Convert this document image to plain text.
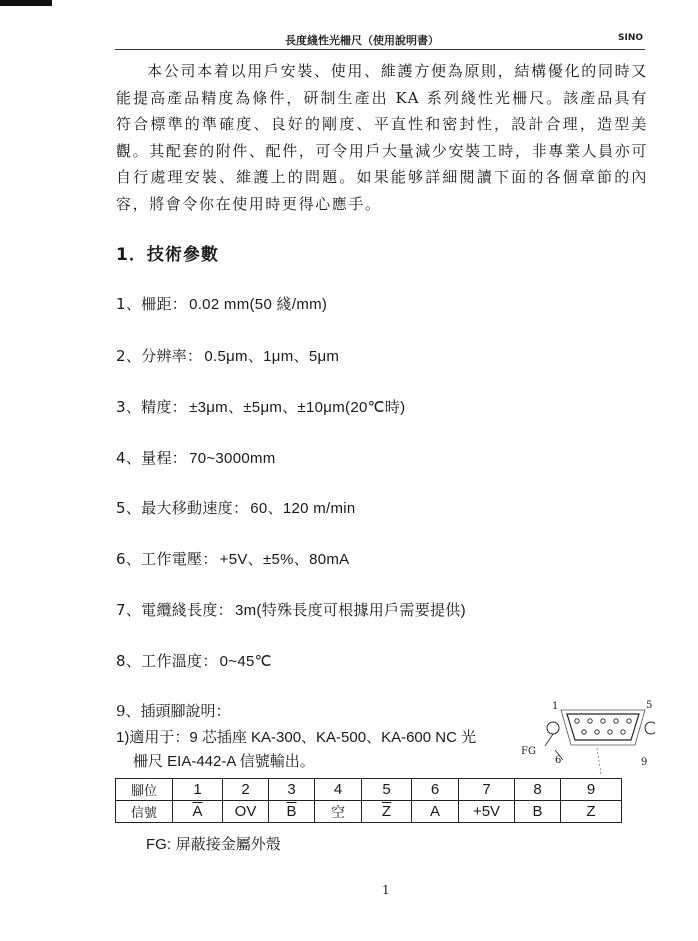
長度綫性光柵尺（使用說明書）	SINO

本公司本着以用戶安裝、使用、維護方便為原則，結構優化的同時又能提高產品精度為條件，研制生產出 KA 系列綫性光柵尺。該產品具有符合標準的準確度、良好的剛度、平直性和密封性，設計合理，造型美觀。其配套的附件、配件，可令用戶大量減少安裝工時，非專業人員亦可自行處理安裝、維護上的問題。如果能够詳細閱讀下面的各個章節的內容，將會令你在使用時更得心應手。

1．技術參數
1、柵距： 0.02 mm(50 綫/mm)
2、分辨率： 0.5μm、1μm、5μm
3、精度： ±3μm、±5μm、±10μm(20℃時)
4、量程： 70~3000mm
5、最大移動速度： 60、120 m/min
6、工作電壓： +5V、±5%、80mA
7、電纜綫長度： 3m(特殊長度可根據用戶需要提供)
8、工作溫度： 0~45℃
9、插頭腳說明：
1)適用于：9 芯插座 KA-300、KA-500、KA-600 NC 光
柵尺 EIA-442-A 信號輸出。
1	5
FG
6	9
腳位	1	2	3	4	5	6	7	8	9
信號	$\overline{A}$	OV	$\overline{B}$	空	$\overline{Z}$	A	+5V	B	Z
FG: 屏蔽接金屬外殼
1
